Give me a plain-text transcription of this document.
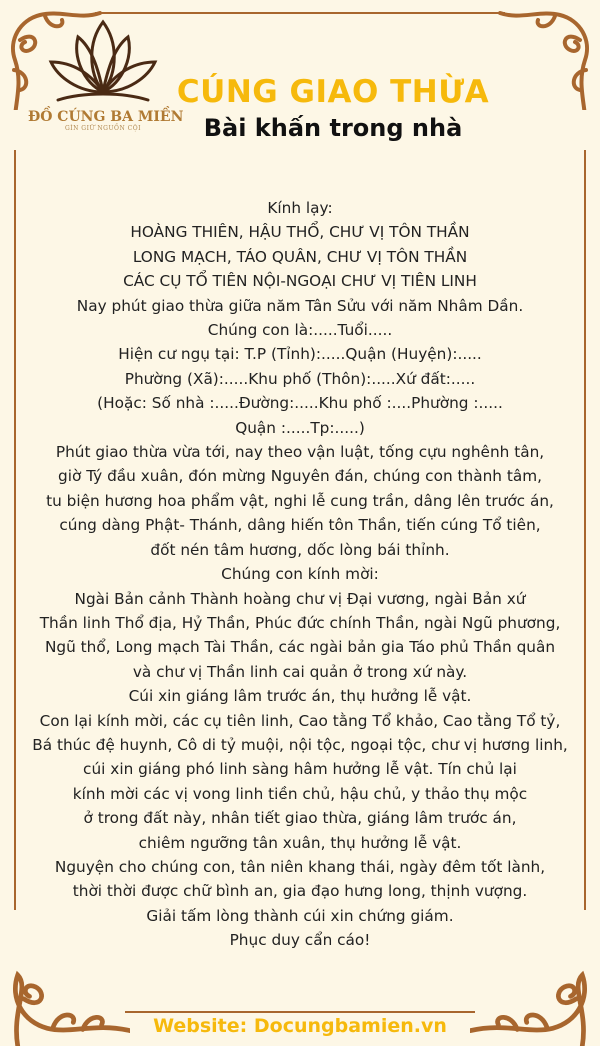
ĐỒ CÚNG BA MIỀN
GÌN GIỮ NGUỒN CỘI
CÚNG GIAO THỪA
Bài khấn trong nhà
Kính lạy:
HOÀNG THIÊN, HẬU THỔ, CHƯ VỊ TÔN THẦN
LONG MẠCH, TÁO QUÂN, CHƯ VỊ TÔN THẦN
CÁC CỤ TỔ TIÊN NỘI-NGOẠI CHƯ VỊ TIÊN LINH
Nay phút giao thừa giữa năm Tân Sửu với năm Nhâm Dần.
Chúng con là:.....Tuổi.....
Hiện cư ngụ tại: T.P (Tỉnh):.....Quận (Huyện):.....
Phường (Xã):.....Khu phố (Thôn):.....Xứ đất:.....
(Hoặc: Số nhà :.....Đường:.....Khu phố :....Phường :.....
Quận :.....Tp:.....)
Phút giao thừa vừa tới, nay theo vận luật, tống cựu nghênh tân,
giờ Tý đầu xuân, đón mừng Nguyên đán, chúng con thành tâm,
tu biện hương hoa phẩm vật, nghi lễ cung trần, dâng lên trước án,
cúng dàng Phật- Thánh, dâng hiến tôn Thần, tiến cúng Tổ tiên,
đốt nén tâm hương, dốc lòng bái thỉnh.
Chúng con kính mời:
Ngài Bản cảnh Thành hoàng chư vị Đại vương, ngài Bản xứ
Thần linh Thổ địa, Hỷ Thần, Phúc đức chính Thần, ngài Ngũ phương,
Ngũ thổ, Long mạch Tài Thần, các ngài bản gia Táo phủ Thần quân
và chư vị Thần linh cai quản ở trong xứ này.
Cúi xin giáng lâm trước án, thụ hưởng lễ vật.
Con lại kính mời, các cụ tiên linh, Cao tằng Tổ khảo, Cao tằng Tổ tỷ,
Bá thúc đệ huynh, Cô di tỷ muội, nội tộc, ngoại tộc, chư vị hương linh,
cúi xin giáng phó linh sàng hâm hưởng lễ vật. Tín chủ lại
kính mời các vị vong linh tiền chủ, hậu chủ, y thảo thụ mộc
ở trong đất này, nhân tiết giao thừa, giáng lâm trước án,
chiêm ngưỡng tân xuân, thụ hưởng lễ vật.
Nguyện cho chúng con, tân niên khang thái, ngày đêm tốt lành,
thời thời được chữ bình an, gia đạo hưng long, thịnh vượng.
Giải tấm lòng thành cúi xin chứng giám.
Phục duy cẩn cáo!
Website: Docungbamien.vn
